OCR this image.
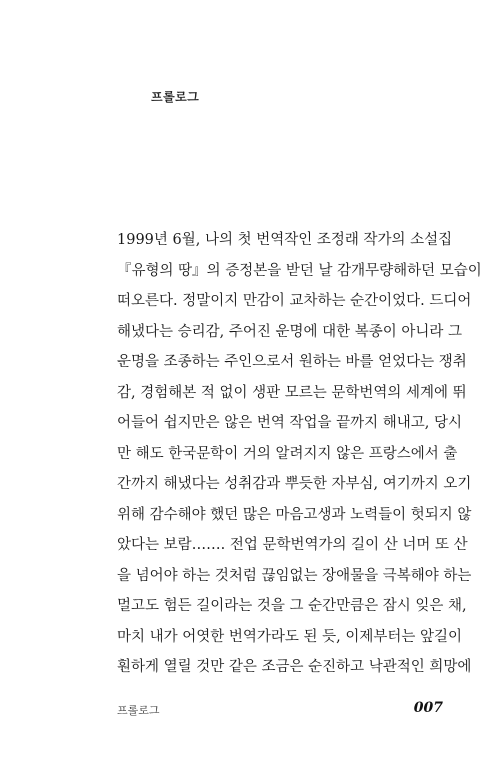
프롤로그
1999년 6월, 나의 첫 번역작인 조정래 작가의 소설집
『유형의 땅』의 증정본을 받던 날 감개무량해하던 모습이
떠오른다. 정말이지 만감이 교차하는 순간이었다. 드디어
해냈다는 승리감, 주어진 운명에 대한 복종이 아니라 그
운명을 조종하는 주인으로서 원하는 바를 얻었다는 쟁취
감, 경험해본 적 없이 생판 모르는 문학번역의 세계에 뛰
어들어 쉽지만은 않은 번역 작업을 끝까지 해내고, 당시
만 해도 한국문학이 거의 알려지지 않은 프랑스에서 출
간까지 해냈다는 성취감과 뿌듯한 자부심, 여기까지 오기
위해 감수해야 했던 많은 마음고생과 노력들이 헛되지 않
았다는 보람……. 전업 문학번역가의 길이 산 너머 또 산
을 넘어야 하는 것처럼 끊임없는 장애물을 극복해야 하는
멀고도 험든 길이라는 것을 그 순간만큼은 잠시 잊은 채,
마치 내가 어엿한 번역가라도 된 듯, 이제부터는 앞길이
훤하게 열릴 것만 같은 조금은 순진하고 낙관적인 희망에
프롤로그	007
